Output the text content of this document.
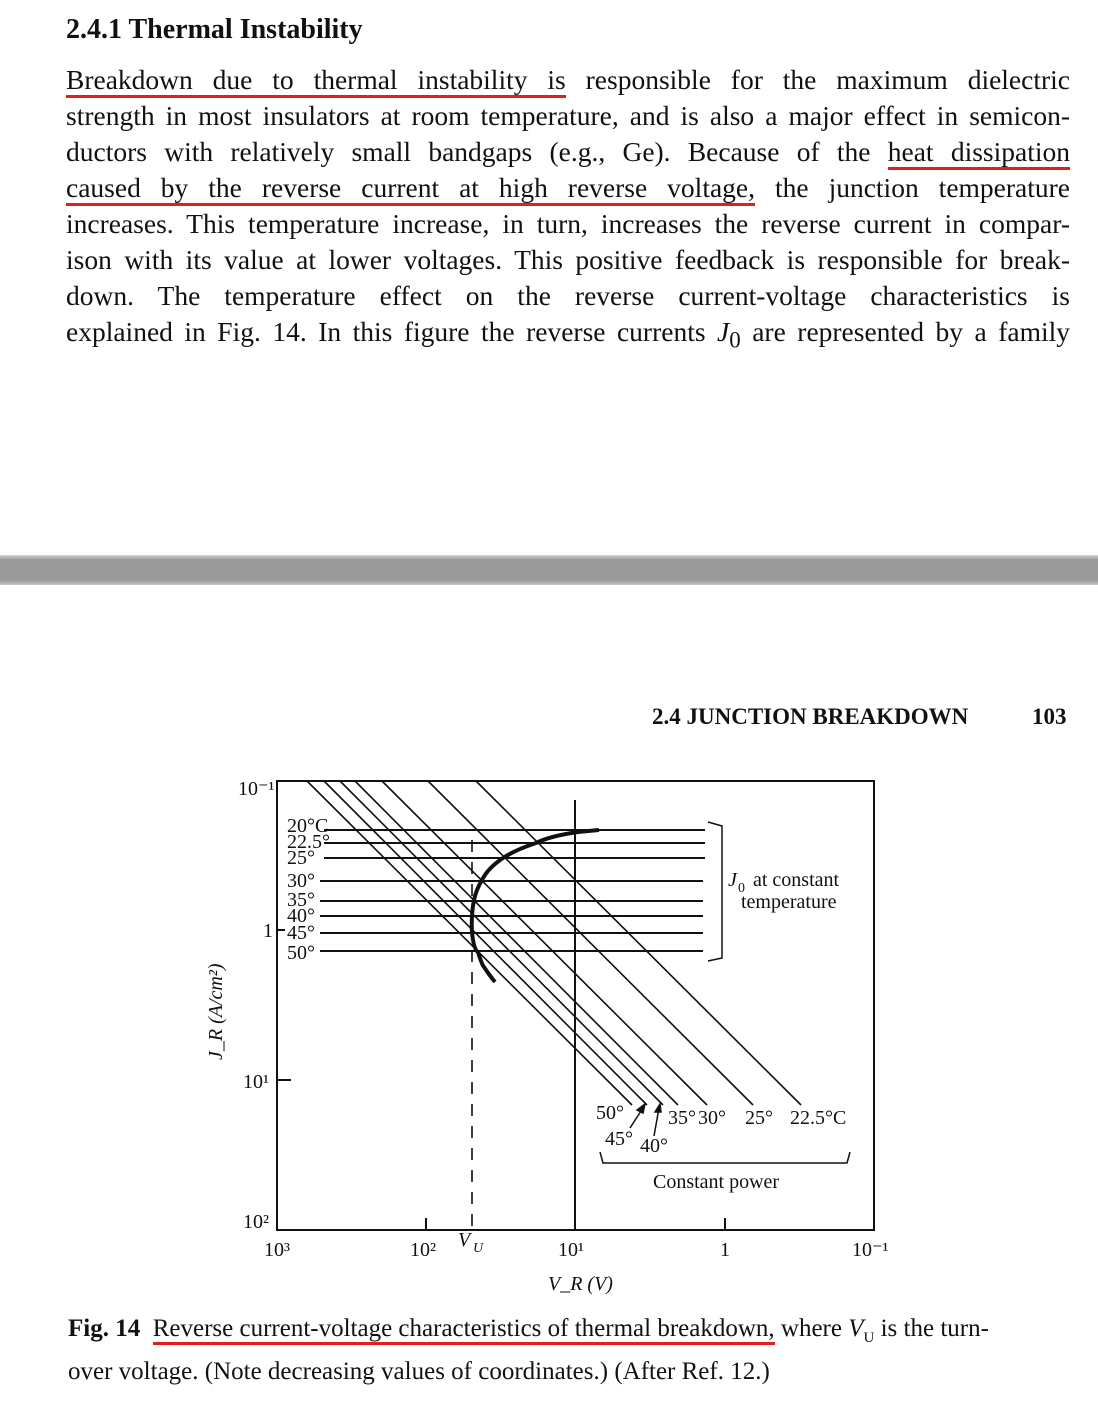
2.4.1 Thermal Instability
Breakdown due to thermal instability is responsible for the maximum dielectric
strength in most insulators at room temperature, and is also a major effect in semicon-
ductors with relatively small bandgaps (e.g., Ge). Because of the heat dissipation
caused by the reverse current at high reverse voltage, the junction temperature
increases. This temperature increase, in turn, increases the reverse current in compar-
ison with its value at lower voltages. This positive feedback is responsible for break-
down. The temperature effect on the reverse current-voltage characteristics is
explained in Fig. 14. In this figure the reverse currents $J_0$ are represented by a family
2.4 JUNCTION BREAKDOWN	103
10⁻¹
1
10¹
10²
10³	10²	10¹	1	10⁻¹
V U
V_R (V)
J_R (A/cm²)
20°C
22.5°
25°
30°
35°
40°
45°
50°
50°
45° 40°
35° 30° 25° 22.5°C
Constant power
J 0 at constant
temperature
Fig. 14 Reverse current-voltage characteristics of thermal breakdown, where $V_U$ is the turn-
over voltage. (Note decreasing values of coordinates.) (After Ref. 12.)
